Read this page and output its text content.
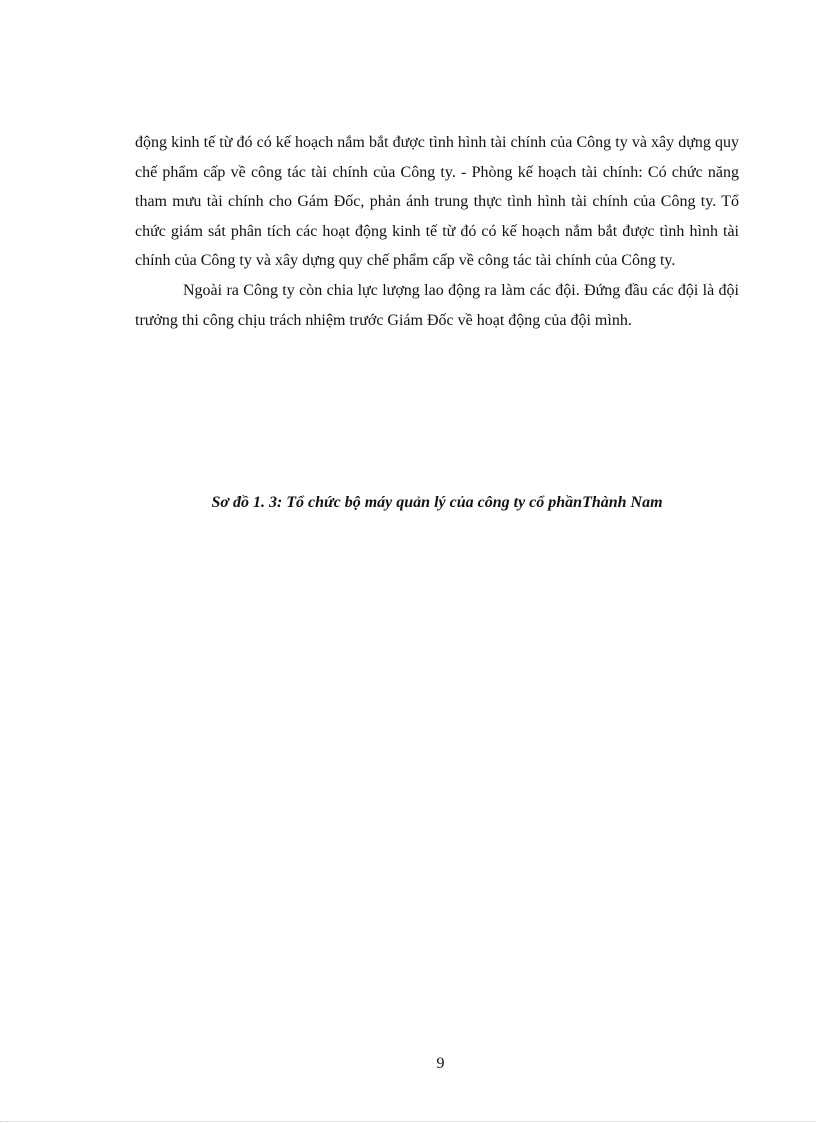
động kinh tế từ đó có kế hoạch nắm bắt được tình hình tài chính của Công ty và xây dựng quy chế phẩm cấp về công tác tài chính của Công ty. - Phòng kế hoạch tài chính: Có chức năng tham mưu tài chính cho Gám Đốc, phản ánh trung thực tình hình tài chính của Công ty. Tổ chức giám sát phân tích các hoạt động kinh tế từ đó có kế hoạch nắm bắt được tình hình tài chính của Công ty và xây dựng quy chế phẩm cấp về công tác tài chính của Công ty.

Ngoài ra Công ty còn chia lực lượng lao động ra làm các đội. Đứng đầu các đội là đội trưởng thi công chịu trách nhiệm trước Giám Đốc về hoạt động của đội mình.

Sơ đồ 1. 3: Tổ chức bộ máy quản lý của công ty cổ phầnThành Nam
9
